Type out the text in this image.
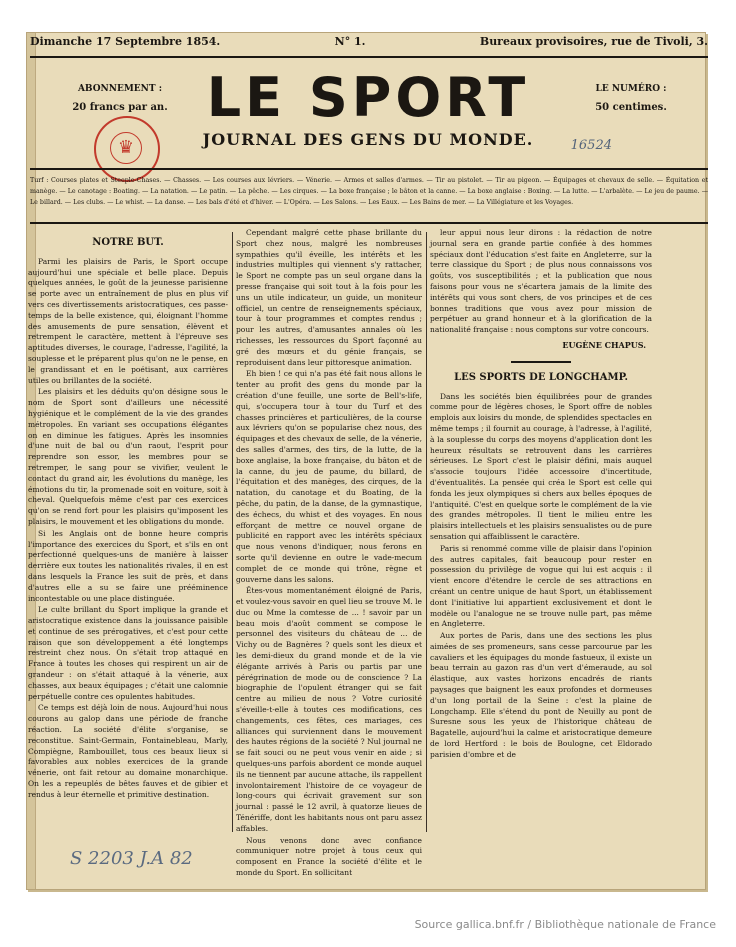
Dimanche 17 Septembre 1854.	N° 1.	Bureaux provisoires, rue de Tivoli, 3.
ABONNEMENT :
20 francs par an. LE SPORT
JOURNAL DES GENS DU MONDE.
LE NUMÉRO :
50 centimes.
♛	16524
Turf : Courses plates et Steeple-Chases. — Chasses. — Les courses aux lévriers. — Vénerie. — Armes et salles d'armes. — Tir au pistolet. — Tir au pigeon. — Équipages et chevaux de selle. — Équitation et manège. — Le canotage : Boating. — La natation. — Le patin. — La pêche. — Les cirques. — La boxe française ; le bâton et la canne. — La boxe anglaise : Boxing. — La lutte. — L'arbalète. — Le jeu de paume. — Le billard. — Les clubs. — Le whist. — La danse. — Les bals d'été et d'hiver. — L'Opéra. — Les Salons. — Les Eaux. — Les Bains de mer. — La Villégiature et les Voyages.
NOTRE BUT.

Parmi les plaisirs de Paris, le Sport occupe aujourd'hui une spéciale et belle place. Depuis quelques années, le goût de la jeunesse parisienne se porte avec un entraînement de plus en plus vif vers ces divertissements aristocratiques, ces passe-temps de la belle existence, qui, éloignant l'homme des amusements de pure sensation, élèvent et retrempent le caractère, mettent à l'épreuve ses aptitudes diverses, le courage, l'adresse, l'agilité, la souplesse et le préparent plus qu'on ne le pense, en le grandissant et en le poétisant, aux carrières utiles ou brillantes de la société.

Les plaisirs et les déduits qu'on désigne sous le nom de Sport sont d'ailleurs une nécessité hygiénique et le complément de la vie des grandes métropoles. En variant ses occupations élégantes on en diminue les fatigues. Après les insomnies d'une nuit de bal ou d'un raout, l'esprit pour reprendre son essor, les membres pour se retremper, le sang pour se vivifier, veulent le contact du grand air, les évolutions du manège, les émotions du tir, la promenade soit en voiture, soit à cheval. Quelquefois même c'est par ces exercices qu'on se rend fort pour les plaisirs qu'imposent les plaisirs, le mouvement et les obligations du monde.

Si les Anglais ont de bonne heure compris l'importance des exercices du Sport, et s'ils en ont perfectionné quelques-uns de manière à laisser derrière eux toutes les nationalités rivales, il en est dans lesquels la France les suit de près, et dans d'autres elle a su se faire une prééminence incontestable ou une place distinguée.

Le culte brillant du Sport implique la grande et aristocratique existence dans la jouissance paisible et continue de ses prérogatives, et c'est pour cette raison que son développement a été longtemps restreint chez nous. On s'était trop attaqué en France à toutes les choses qui respirent un air de grandeur : on s'était attaqué à la vénerie, aux chasses, aux beaux équipages ; c'était une calomnie perpétuelle contre ces opulentes habitudes.

Ce temps est déjà loin de nous. Aujourd'hui nous courons au galop dans une période de franche réaction. La société d'élite s'organise, se reconstitue. Saint-Germain, Fontainebleau, Marly, Compiègne, Rambouillet, tous ces beaux lieux si favorables aux nobles exercices de la grande vénerie, ont fait retour au domaine monarchique. On les a repeuplés de bêtes fauves et de gibier et rendus à leur éternelle et primitive destination.

Cependant malgré cette phase brillante du Sport chez nous, malgré les nombreuses sympathies qu'il éveille, les intérêts et les industries multiples qui viennent s'y rattacher, le Sport ne compte pas un seul organe dans la presse française qui soit tout à la fois pour les uns un utile indicateur, un guide, un moniteur officiel, un centre de renseignements spéciaux, tour à tour programmes et comptes rendus ; pour les autres, d'amusantes annales où les richesses, les ressources du Sport façonné au gré des mœurs et du génie français, se reproduisent dans leur pittoresque animation.

Eh bien ! ce qui n'a pas été fait nous allons le tenter au profit des gens du monde par la création d'une feuille, une sorte de Bell's-life, qui, s'occupera tour à tour du Turf et des chasses princières et particulières, de la course aux lévriers qu'on se popularise chez nous, des équipages et des chevaux de selle, de la vénerie, des salles d'armes, des tirs, de la lutte, de la boxe anglaise, la boxe française, du bâton et de la canne, du jeu de paume, du billard, de l'équitation et des manèges, des cirques, de la natation, du canotage et du Boating, de la pêche, du patin, de la danse, de la gymnastique, des échecs, du whist et des voyages. En nous efforçant de mettre ce nouvel organe de publicité en rapport avec les intérêts spéciaux que nous venons d'indiquer, nous ferons en sorte qu'il devienne en outre le vade-mecum complet de ce monde qui trône, règne et gouverne dans les salons.

Êtes-vous momentanément éloigné de Paris, et voulez-vous savoir en quel lieu se trouve M. le duc ou Mme la comtesse de ... ! savoir par un beau mois d'août comment se compose le personnel des visiteurs du château de ... de Vichy ou de Bagnères ? quels sont les dieux et les demi-dieux du grand monde et de la vie élégante arrivés à Paris ou partis par une pérégrination de mode ou de conscience ? La biographie de l'opulent étranger qui se fait centre au milieu de nous ? Votre curiosité s'éveille-t-elle à toutes ces modifications, ces changements, ces fêtes, ces mariages, ces alliances qui surviennent dans le mouvement des hautes régions de la société ? Nul journal ne se fait souci ou ne peut vous venir en aide ; si quelques-uns parfois abordent ce monde auquel ils ne tiennent par aucune attache, ils rappellent involontairement l'histoire de ce voyageur de long-cours qui écrivait gravement sur son journal : passé le 12 avril, à quatorze lieues de Ténériffe, dont les habitants nous ont paru assez affables.

Nous venons donc avec confiance communiquer notre projet à tous ceux qui composent en France la société d'élite et le monde du Sport. En sollicitant

leur appui nous leur dirons : la rédaction de notre journal sera en grande partie confiée à des hommes spéciaux dont l'éducation s'est faite en Angleterre, sur la terre classique du Sport ; de plus nous connaissons vos goûts, vos susceptibilités ; et la publication que nous faisons pour vous ne s'écartera jamais de la limite des intérêts qui vous sont chers, de vos principes et de ces bonnes traditions que vous avez pour mission de perpétuer au grand honneur et à la glorification de la nationalité française : nous comptons sur votre concours.

EUGÈNE CHAPUS.
LES SPORTS DE LONGCHAMP.

Dans les sociétés bien équilibrées pour de grandes comme pour de légères choses, le Sport offre de nobles emplois aux loisirs du monde, de splendides spectacles en même temps ; il fournit au courage, à l'adresse, à l'agilité, à la souplesse du corps des moyens d'application dont les heureux résultats se retrouvent dans les carrières sérieuses. Le Sport c'est le plaisir défini, mais auquel s'associe toujours l'idée accessoire d'incertitude, d'éventualités. La pensée qui créa le Sport est celle qui fonda les jeux olympiques si chers aux belles époques de l'antiquité. C'est en quelque sorte le complément de la vie des grandes métropoles. Il tient le milieu entre les plaisirs intellectuels et les plaisirs sensualistes ou de pure sensation qui affaiblissent le caractère.

Paris si renommé comme ville de plaisir dans l'opinion des autres capitales, fait beaucoup pour rester en possession du privilège de vogue qui lui est acquis : il vient encore d'étendre le cercle de ses attractions en créant un centre unique de haut Sport, un établissement dont l'initiative lui appartient exclusivement et dont le modèle ou l'analogue ne se trouve nulle part, pas même en Angleterre.

Aux portes de Paris, dans une des sections les plus aimées de ses promeneurs, sans cesse parcourue par les cavaliers et les équipages du monde fastueux, il existe un beau terrain au gazon ras d'un vert d'émeraude, au sol élastique, aux vastes horizons encadrés de riants paysages que baignent les eaux profondes et dormeuses d'un long portail de la Seine : c'est la plaine de Longchamp. Elle s'étend du pont de Neuilly au pont de Suresne sous les yeux de l'historique château de Bagatelle, aujourd'hui la calme et aristocratique demeure de lord Hertford : le bois de Boulogne, cet Eldorado parisien d'ombre et de

S 2203 J.A 82
Source gallica.bnf.fr / Bibliothèque nationale de France
